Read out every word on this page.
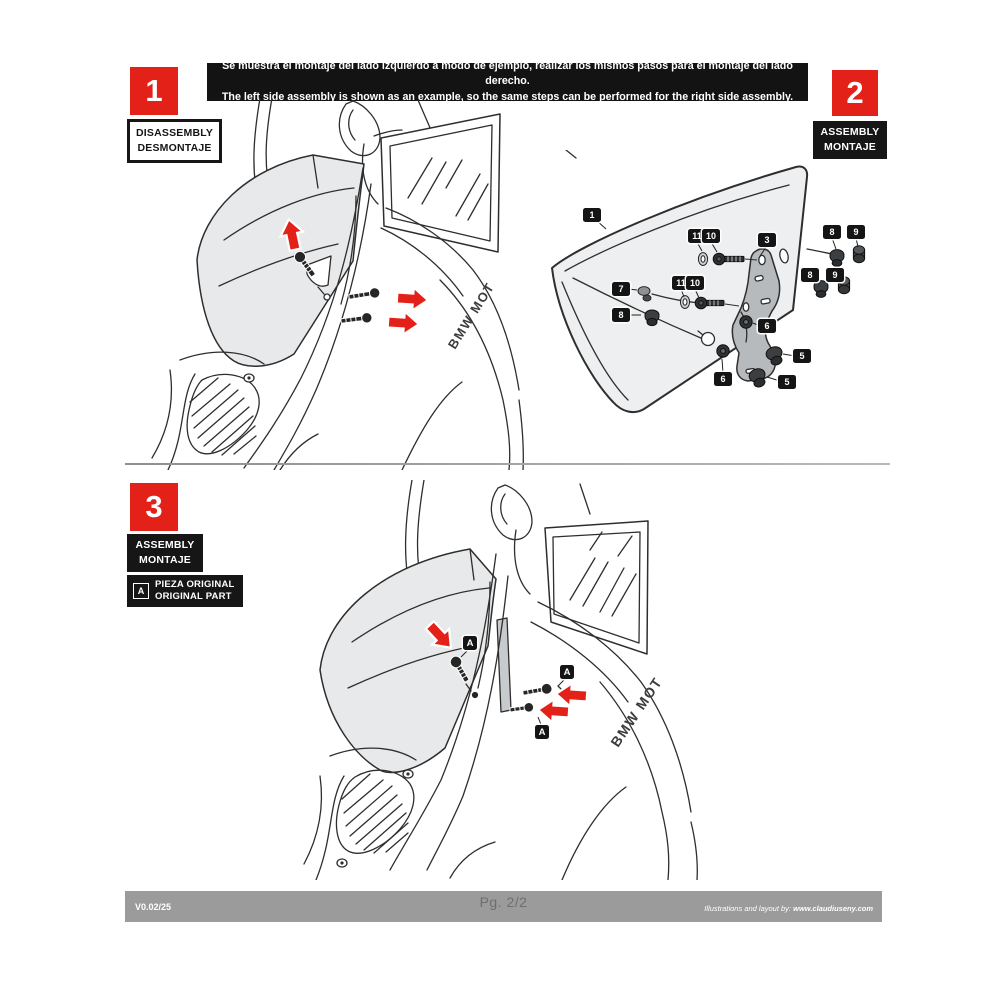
1
DISASSEMBLY
DESMONTAJE
Se muestra el montaje del lado izquierdo a modo de ejemplo, realizar los mismos pasos para el montaje del lado derecho.
The left side assembly is shown as an example, so the same steps can be performed for the right side assembly. 2
ASSEMBLY
MONTAJE
BMW MOT
1
11 10	3
8	9
7
11 10
8	9
8
6
5
6	5
3
ASSEMBLY
MONTAJE
A
PIEZA ORIGINAL
ORIGINAL PART
BMW MOT
A
A
A
V0.02/25	Pg. 2/2	Illustrations and layout by: www.claudiuseny.com
